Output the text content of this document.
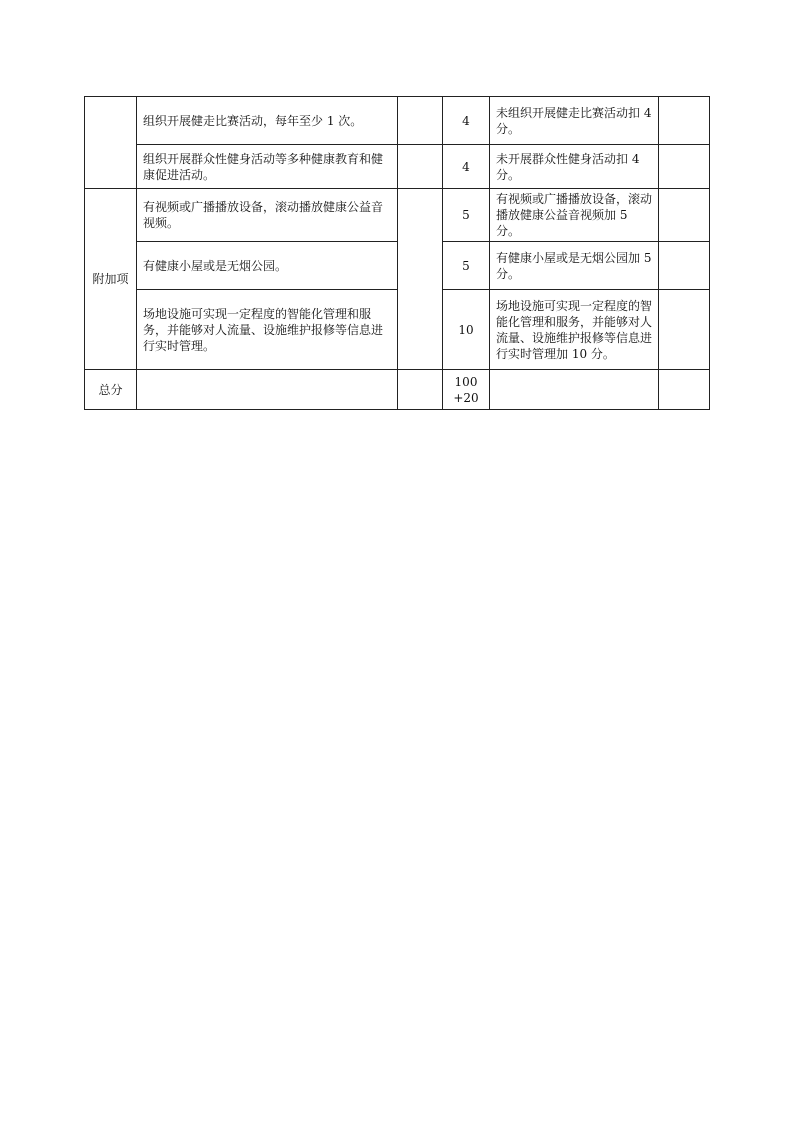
	组织开展健走比赛活动，每年至少 1 次。		4	未组织开展健走比赛活动扣 4 分。	
	组织开展群众性健身活动等多种健康教育和健康促进活动。		4	未开展群众性健身活动扣 4 分。	
附加项	有视频或广播播放设备，滚动播放健康公益音视频。		5	有视频或广播播放设备，滚动播放健康公益音视频加 5 分。	
	有健康小屋或是无烟公园。		5	有健康小屋或是无烟公园加 5 分。	
	场地设施可实现一定程度的智能化管理和服务，并能够对人流量、设施维护报修等信息进行实时管理。		10	场地设施可实现一定程度的智能化管理和服务，并能够对人流量、设施维护报修等信息进行实时管理加 10 分。	
总分			100 +20		
